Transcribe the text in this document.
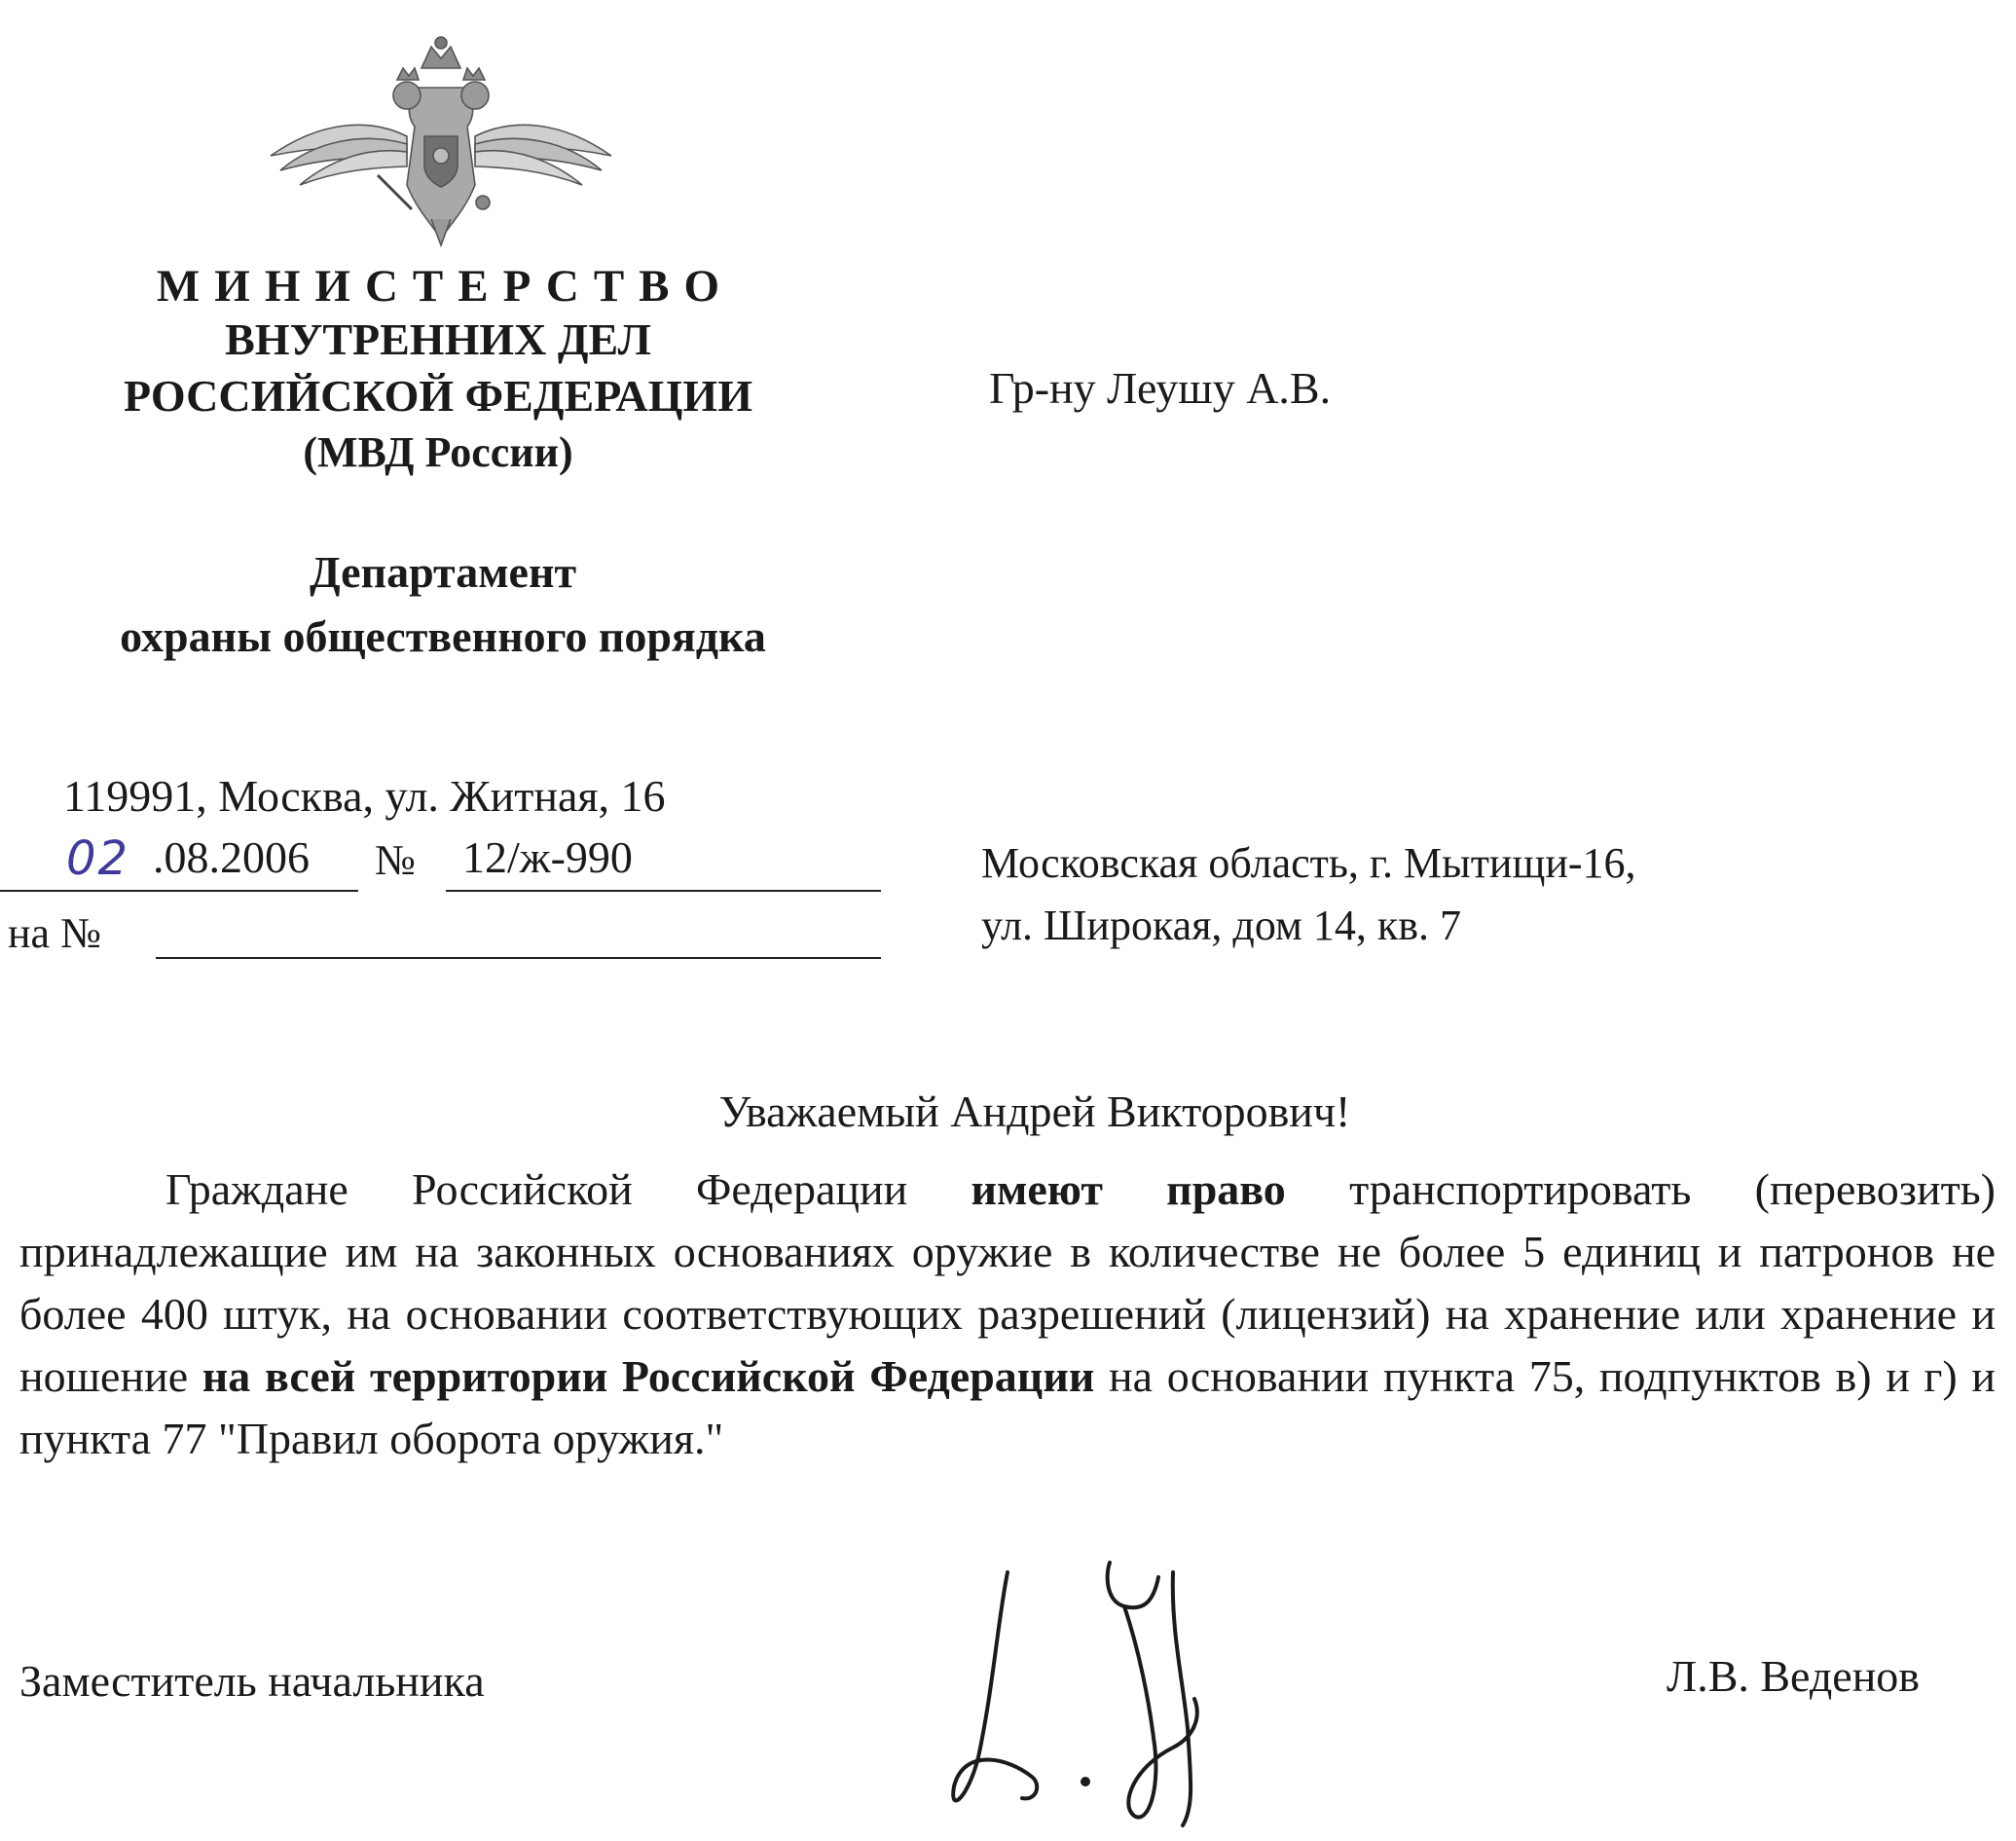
МИНИСТЕРСТВО
ВНУТРЕННИХ ДЕЛ
РОССИЙСКОЙ ФЕДЕРАЦИИ
(МВД России)
Департамент
охраны общественного порядка
119991, Москва, ул. Житная, 16
02 .08.2006 № 12/ж-990
на №
Гр-ну Леушу А.В.
Московская область, г. Мытищи-16,
ул. Широкая, дом 14, кв. 7
Уважаемый Андрей Викторович!
Граждане Российской Федерации имеют право транспортировать (перевозить) принадлежащие им на законных основаниях оружие в количестве не более 5 единиц и патронов не более 400 штук, на основании соответствующих разрешений (лицензий) на хранение или хранение и ношение на всей территории Российской Федерации на основании пункта 75, подпунктов в) и г) и пункта 77 "Правил оборота оружия."
Заместитель начальника	Л.В. Веденов
